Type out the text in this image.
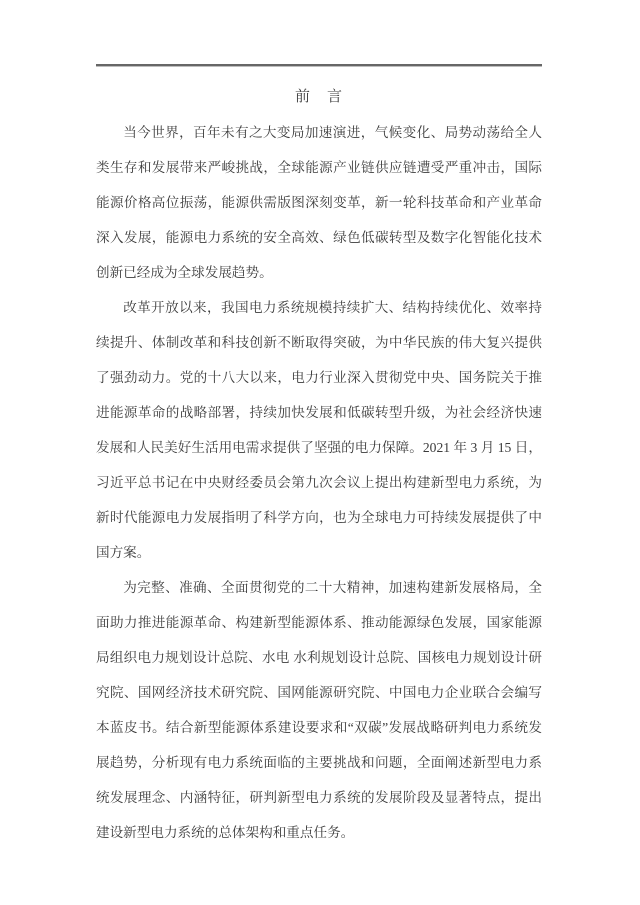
前　言

当今世界，百年未有之大变局加速演进，气候变化、局势动荡给全人类生存和发展带来严峻挑战，全球能源产业链供应链遭受严重冲击，国际能源价格高位振荡，能源供需版图深刻变革，新一轮科技革命和产业革命深入发展，能源电力系统的安全高效、绿色低碳转型及数字化智能化技术创新已经成为全球发展趋势。

改革开放以来，我国电力系统规模持续扩大、结构持续优化、效率持续提升、体制改革和科技创新不断取得突破，为中华民族的伟大复兴提供了强劲动力。党的十八大以来，电力行业深入贯彻党中央、国务院关于推进能源革命的战略部署，持续加快发展和低碳转型升级，为社会经济快速发展和人民美好生活用电需求提供了坚强的电力保障。2021 年 3 月 15 日，习近平总书记在中央财经委员会第九次会议上提出构建新型电力系统，为新时代能源电力发展指明了科学方向，也为全球电力可持续发展提供了中国方案。

为完整、准确、全面贯彻党的二十大精神，加速构建新发展格局，全面助力推进能源革命、构建新型能源体系、推动能源绿色发展，国家能源局组织电力规划设计总院、水电 水利规划设计总院、国核电力规划设计研究院、国网经济技术研究院、国网能源研究院、中国电力企业联合会编写本蓝皮书。结合新型能源体系建设要求和“双碳”发展战略研判电力系统发展趋势，分析现有电力系统面临的主要挑战和问题，全面阐述新型电力系统发展理念、内涵特征，研判新型电力系统的发展阶段及显著特点，提出建设新型电力系统的总体架构和重点任务。
